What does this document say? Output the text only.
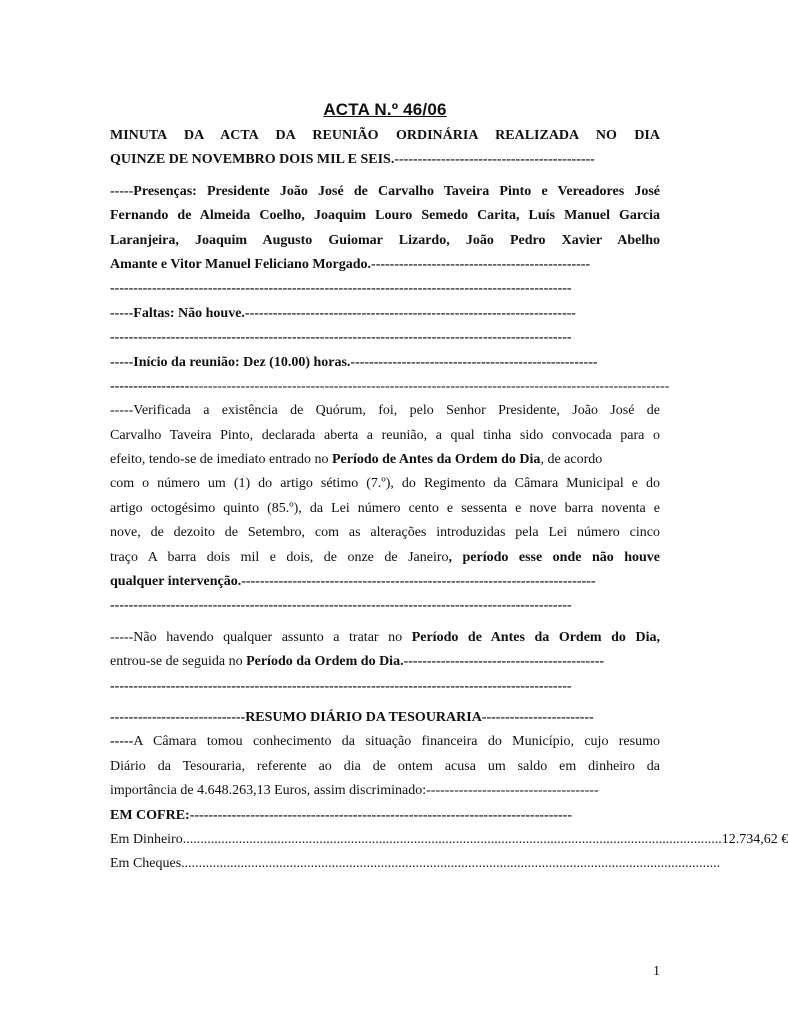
ACTA N.º 46/06
MINUTA DA ACTA DA REUNIÃO ORDINÁRIA REALIZADA NO DIA
QUINZE DE NOVEMBRO DOIS MIL E SEIS.-------------------------------------------
-----Presenças: Presidente João José de Carvalho Taveira Pinto e Vereadores José
Fernando de Almeida Coelho, Joaquim Louro Semedo Carita, Luís Manuel Garcia
Laranjeira, Joaquim Augusto Guiomar Lizardo, João Pedro Xavier Abelho
Amante e Vitor Manuel Feliciano Morgado.-----------------------------------------------
---------------------------------------------------------------------------------------------------
-----Faltas: Não houve.-----------------------------------------------------------------------
---------------------------------------------------------------------------------------------------
-----Início da reunião: Dez (10.00) horas.-----------------------------------------------------
------------------------------------------------------------------------------------------------------------------------
-----Verificada a existência de Quórum, foi, pelo Senhor Presidente, João José de
Carvalho Taveira Pinto, declarada aberta a reunião, a qual tinha sido convocada para o
efeito, tendo-se de imediato entrado no Período de Antes da Ordem do Dia, de acordo
com o número um (1) do artigo sétimo (7.º), do Regimento da Câmara Municipal e do
artigo octogésimo quinto (85.º), da Lei número cento e sessenta e nove barra noventa e
nove, de dezoito de Setembro, com as alterações introduzidas pela Lei número cinco
traço A barra dois mil e dois, de onze de Janeiro, período esse onde não houve
qualquer intervenção.----------------------------------------------------------------------------
---------------------------------------------------------------------------------------------------
-----Não havendo qualquer assunto a tratar no Período de Antes da Ordem do Dia,
entrou-se de seguida no Período da Ordem do Dia.-------------------------------------------
---------------------------------------------------------------------------------------------------
-----------------------------RESUMO DIÁRIO DA TESOURARIA------------------------
-----A Câmara tomou conhecimento da situação financeira do Município, cujo resumo
Diário da Tesouraria, referente ao dia de ontem acusa um saldo em dinheiro da
importância de 4.648.263,13 Euros, assim discriminado:-------------------------------------
EM COFRE:----------------------------------------------------------------------------------
Em Dinheiro .......................................................................................................................................................... 12.734,62 €
Em Cheques ..........................................................................................................................................................
1
